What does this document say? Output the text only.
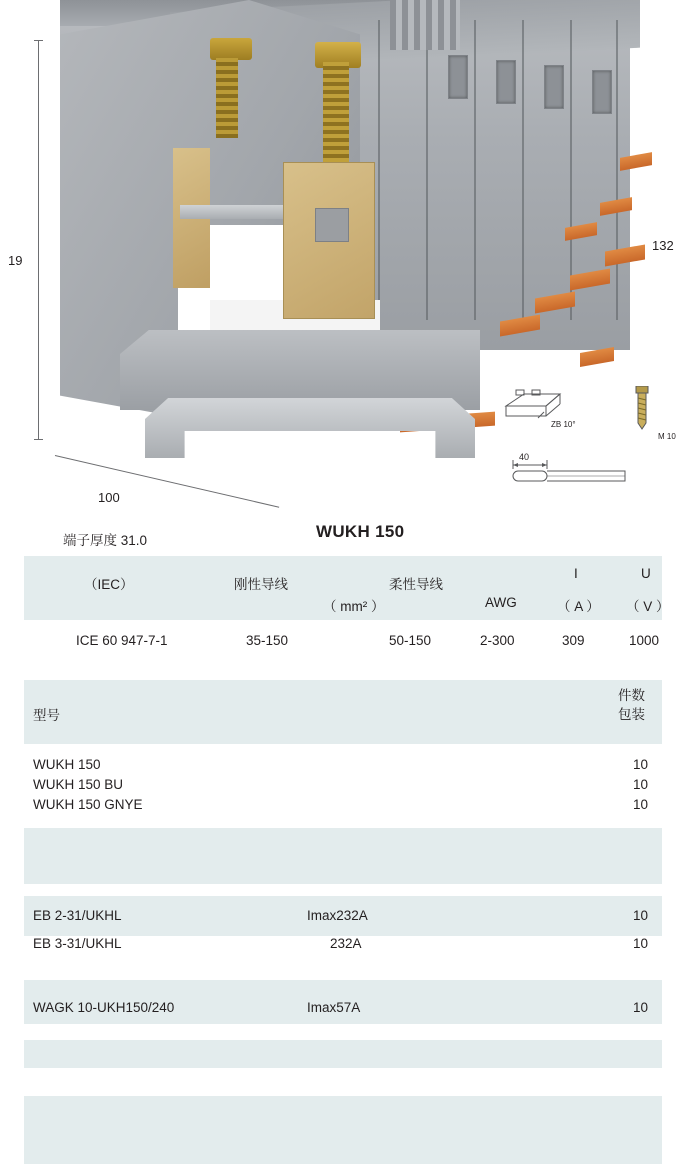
19
132
100
ZB 10°
M 10
40
端子厚度 31.0	WUKH 150
（IEC）	刚性导线	柔性导线
I	U
（ mm² ）	AWG	（ A ） （ V ）
ICE 60 947-7-1	35-150	50-150	2-300	309	1000
型号
件数
包装
WUKH 150	10
WUKH 150 BU	10
WUKH 150 GNYE	10
EB 2-31/UKHL	Imax232A	10
EB 3-31/UKHL	232A	10
WAGK 10-UKH150/240	Imax57A	10
